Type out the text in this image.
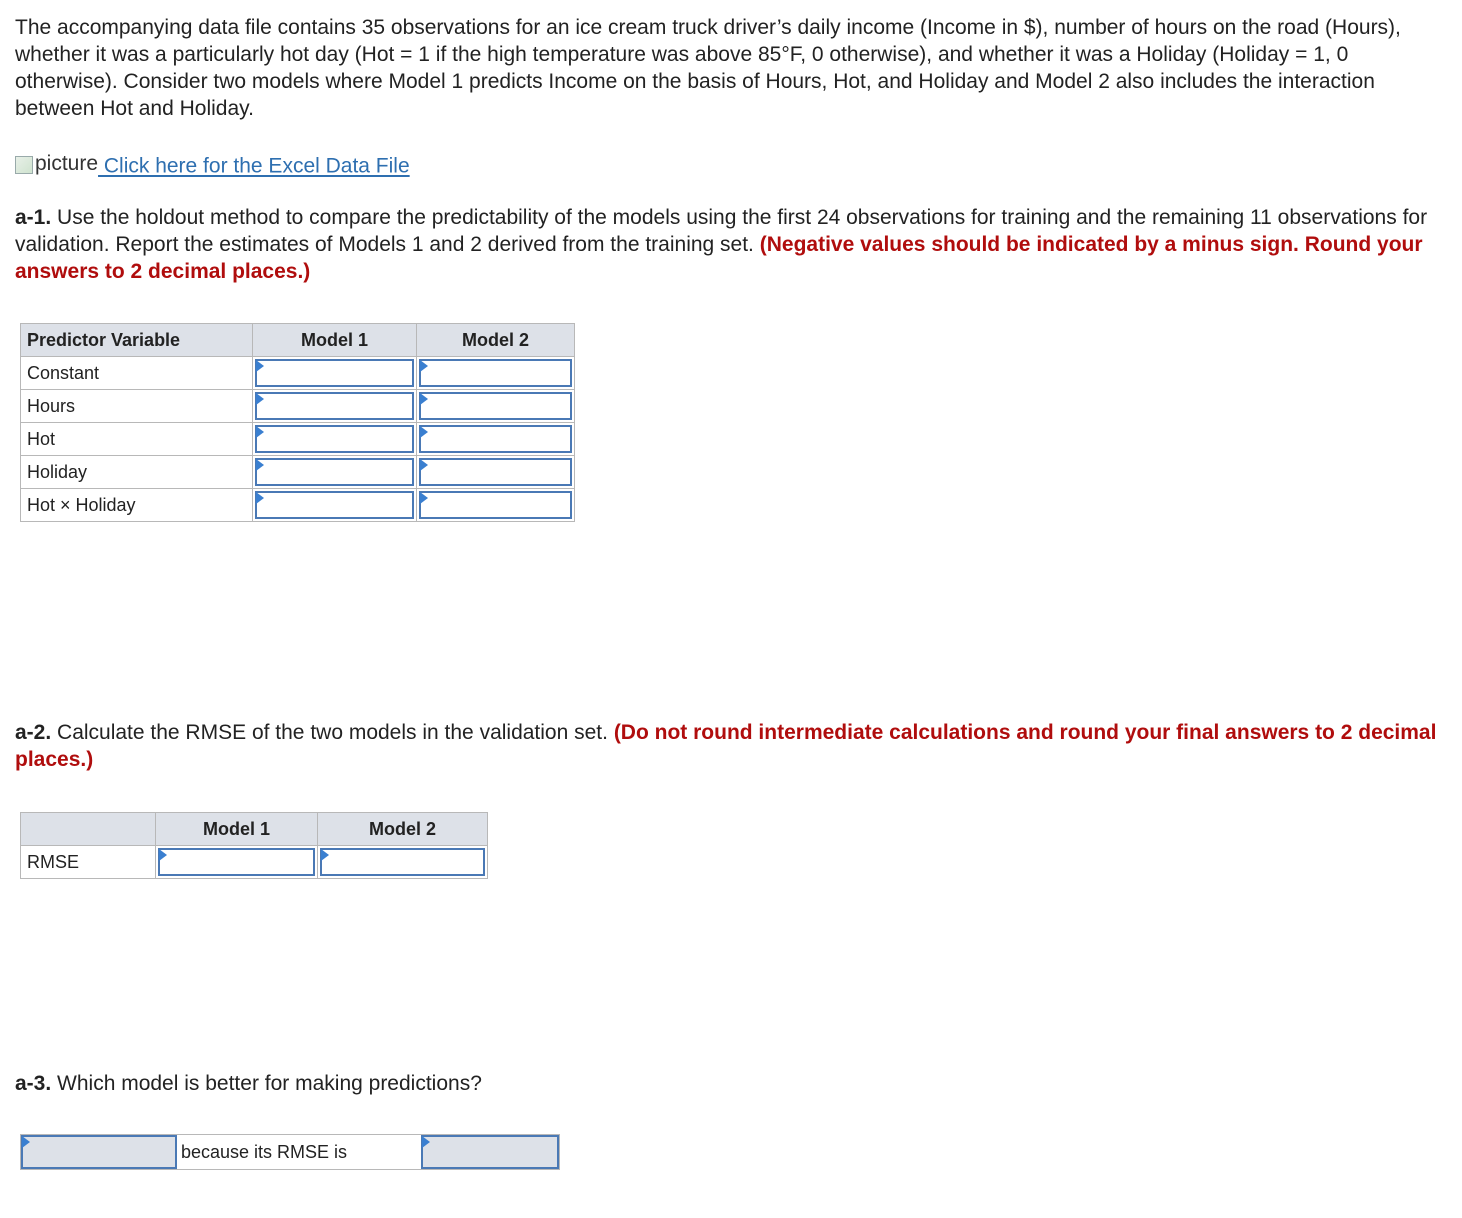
The accompanying data file contains 35 observations for an ice cream truck driver’s daily income (Income in $), number of hours on the road (Hours), whether it was a particularly hot day (Hot = 1 if the high temperature was above 85°F, 0 otherwise), and whether it was a Holiday (Holiday = 1, 0 otherwise). Consider two models where Model 1 predicts Income on the basis of Hours, Hot, and Holiday and Model 2 also includes the interaction between Hot and Holiday.

picture Click here for the Excel Data File

a-1. Use the holdout method to compare the predictability of the models using the first 24 observations for training and the remaining 11 observations for validation. Report the estimates of Models 1 and 2 derived from the training set. (Negative values should be indicated by a minus sign. Round your answers to 2 decimal places.)

Predictor Variable	Model 1	Model 2
Constant	

Hours	

Hot	

Holiday	

Hot × Holiday	

a-2. Calculate the RMSE of the two models in the validation set. (Do not round intermediate calculations and round your final answers to 2 decimal places.)

	Model 1	Model 2
RMSE	

a-3. Which model is better for making predictions?

because its RMSE is
